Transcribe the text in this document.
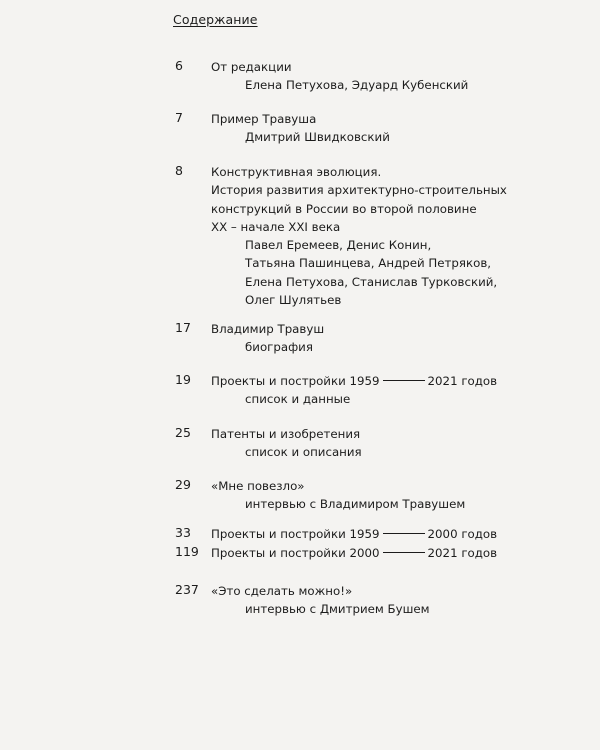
Содержание
6 От редакции
Елена Петухова, Эдуард Кубенский
7 Пример Травуша
Дмитрий Швидковский
8 Конструктивная эволюция.
История развития архитектурно-строительных
конструкций в России во второй половине
XX – начале XXI века
Павел Еремеев, Денис Конин,
Татьяна Пашинцева, Андрей Петряков,
Елена Петухова, Станислав Турковский,
Олег Шулятьев
17 Владимир Травуш
биография
19 Проекты и постройки 1959	2021 годов
список и данные
25 Патенты и изобретения
список и описания
29 «Мне повезло»
интервью с Владимиром Травушем
33 Проекты и постройки 1959	2000 годов
119 Проекты и постройки 2000	2021 годов
237 «Это сделать можно!»
интервью с Дмитрием Бушем
